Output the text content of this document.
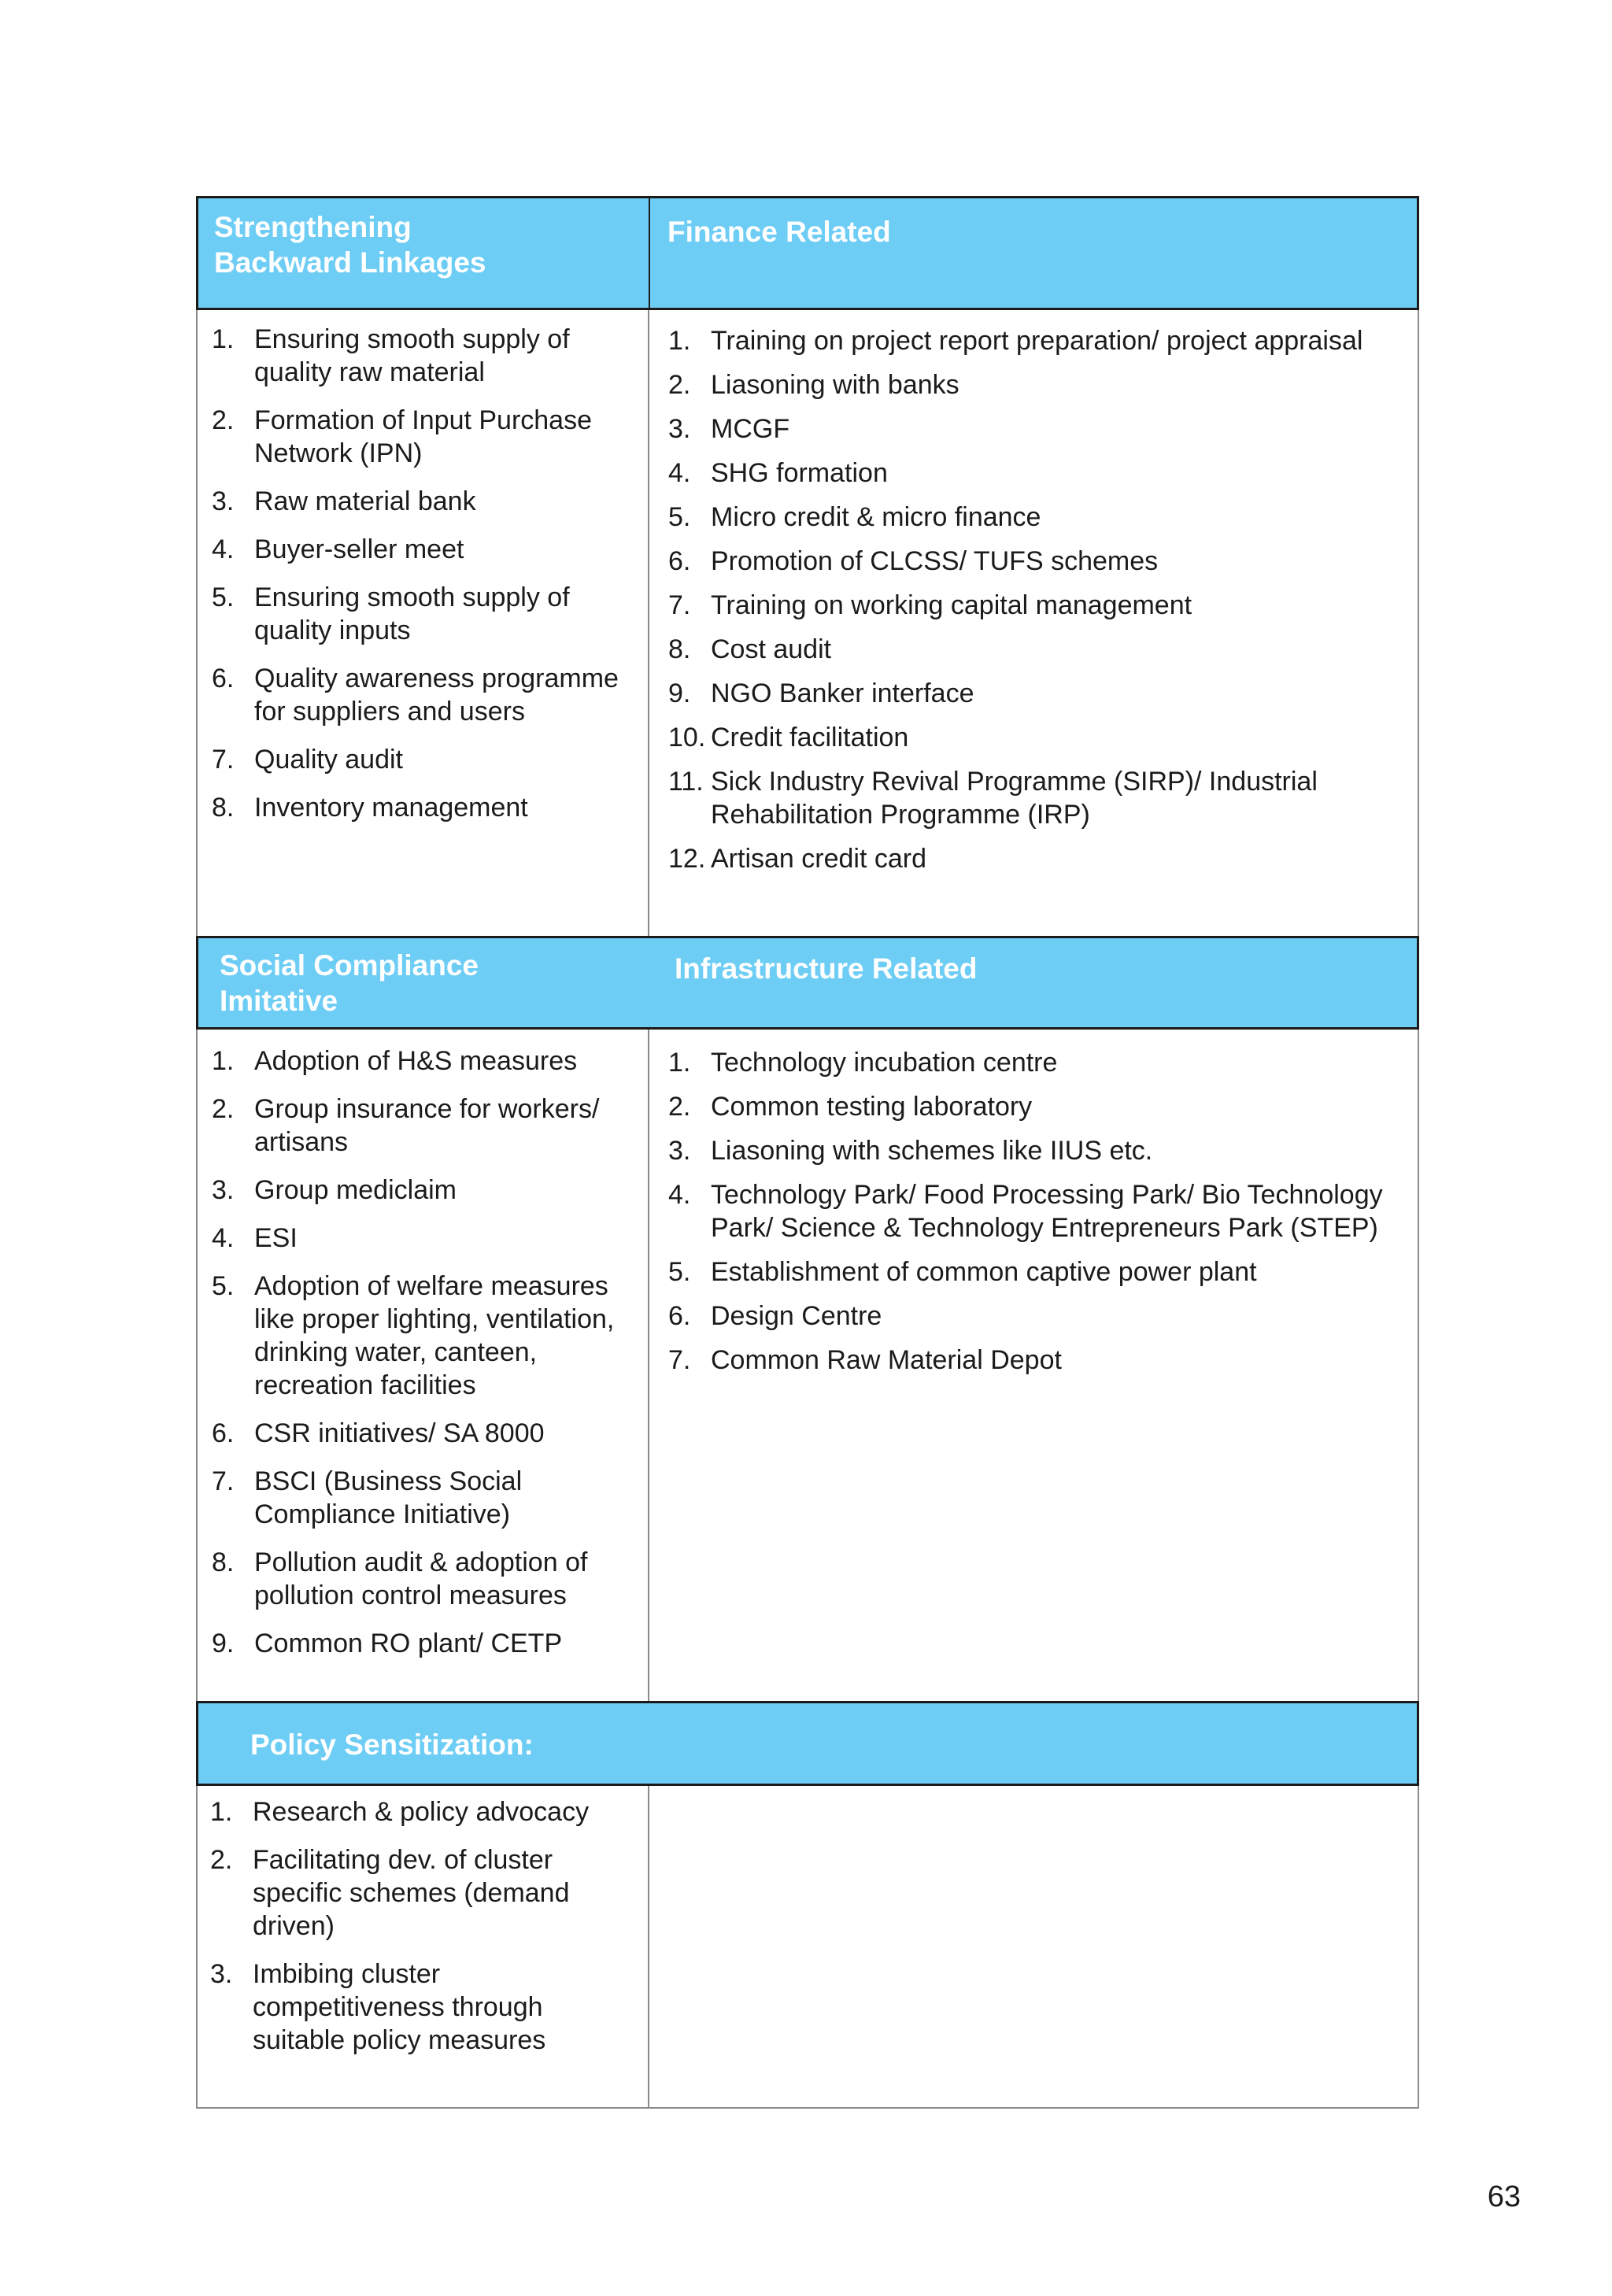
Strengthening
Backward Linkages
Finance Related
Social Compliance
Imitative
Infrastructure Related
Policy Sensitization:
1. Ensuring smooth supply of
quality raw material
2. Formation of Input Purchase
Network (IPN)
3. Raw material bank
4. Buyer-seller meet
5. Ensuring smooth supply of
quality inputs
6. Quality awareness programme
for suppliers and users
7. Quality audit
8. Inventory management
1. Training on project report preparation/ project appraisal
2. Liasoning with banks
3. MCGF
4. SHG formation
5. Micro credit & micro finance
6. Promotion of CLCSS/ TUFS schemes
7. Training on working capital management
8. Cost audit
9. NGO Banker interface
10. Credit facilitation
11. Sick Industry Revival Programme (SIRP)/ Industrial
Rehabilitation Programme (IRP)
12. Artisan credit card
1. Adoption of H&S measures
2. Group insurance for workers/
artisans
3. Group mediclaim
4. ESI
5. Adoption of welfare measures
like proper lighting, ventilation,
drinking water, canteen,
recreation facilities
6. CSR initiatives/ SA 8000
7. BSCI (Business Social
Compliance Initiative)
8. Pollution audit & adoption of
pollution control measures
9. Common RO plant/ CETP
1. Technology incubation centre
2. Common testing laboratory
3. Liasoning with schemes like IIUS etc.
4. Technology Park/ Food Processing Park/ Bio Technology
Park/ Science & Technology Entrepreneurs Park (STEP)
5. Establishment of common captive power plant
6. Design Centre
7. Common Raw Material Depot
1. Research & policy advocacy
2. Facilitating dev. of cluster
specific schemes (demand
driven)
3. Imbibing cluster
competitiveness through
suitable policy measures
63
